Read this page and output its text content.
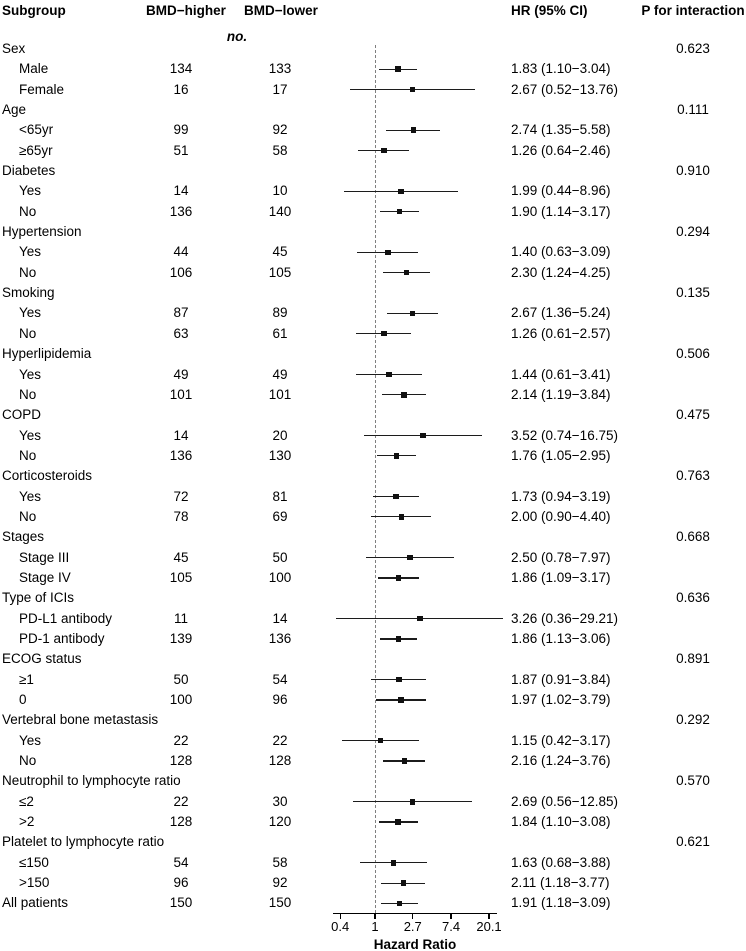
Subgroup	BMD−higher	BMD−lower	HR (95% CI)	P for interaction
no.
Sex	0.623
Male	134	133	1.83 (1.10−3.04)
Female	16	17	2.67 (0.52−13.76)
Age	0.111
<65yr	99	92	2.74 (1.35−5.58)
≥65yr	51	58	1.26 (0.64−2.46)
Diabetes	0.910
Yes	14	10	1.99 (0.44−8.96)
No	136	140	1.90 (1.14−3.17)
Hypertension	0.294
Yes	44	45	1.40 (0.63−3.09)
No	106	105	2.30 (1.24−4.25)
Smoking	0.135
Yes	87	89	2.67 (1.36−5.24)
No	63	61	1.26 (0.61−2.57)
Hyperlipidemia	0.506
Yes	49	49	1.44 (0.61−3.41)
No	101	101	2.14 (1.19−3.84)
COPD	0.475
Yes	14	20	3.52 (0.74−16.75)
No	136	130	1.76 (1.05−2.95)
Corticosteroids	0.763
Yes	72	81	1.73 (0.94−3.19)
No	78	69	2.00 (0.90−4.40)
Stages	0.668
Stage III	45	50	2.50 (0.78−7.97)
Stage IV	105	100	1.86 (1.09−3.17)
Type of ICIs	0.636
PD-L1 antibody	11	14	3.26 (0.36−29.21)
PD-1 antibody	139	136	1.86 (1.13−3.06)
ECOG status	0.891
≥1	50	54	1.87 (0.91−3.84)
0	100	96	1.97 (1.02−3.79)
Vertebral bone metastasis	0.292
Yes	22	22	1.15 (0.42−3.17)
No	128	128	2.16 (1.24−3.76)
Neutrophil to lymphocyte ratio	0.570
≤2	22	30	2.69 (0.56−12.85)
>2	128	120	1.84 (1.10−3.08)
Platelet to lymphocyte ratio	0.621
≤150	54	58	1.63 (0.68−3.88)
>150	96	92	2.11 (1.18−3.77)
All patients	150	150	1.91 (1.18−3.09)
0.4	1	2.7	7.4	20.1
Hazard Ratio
